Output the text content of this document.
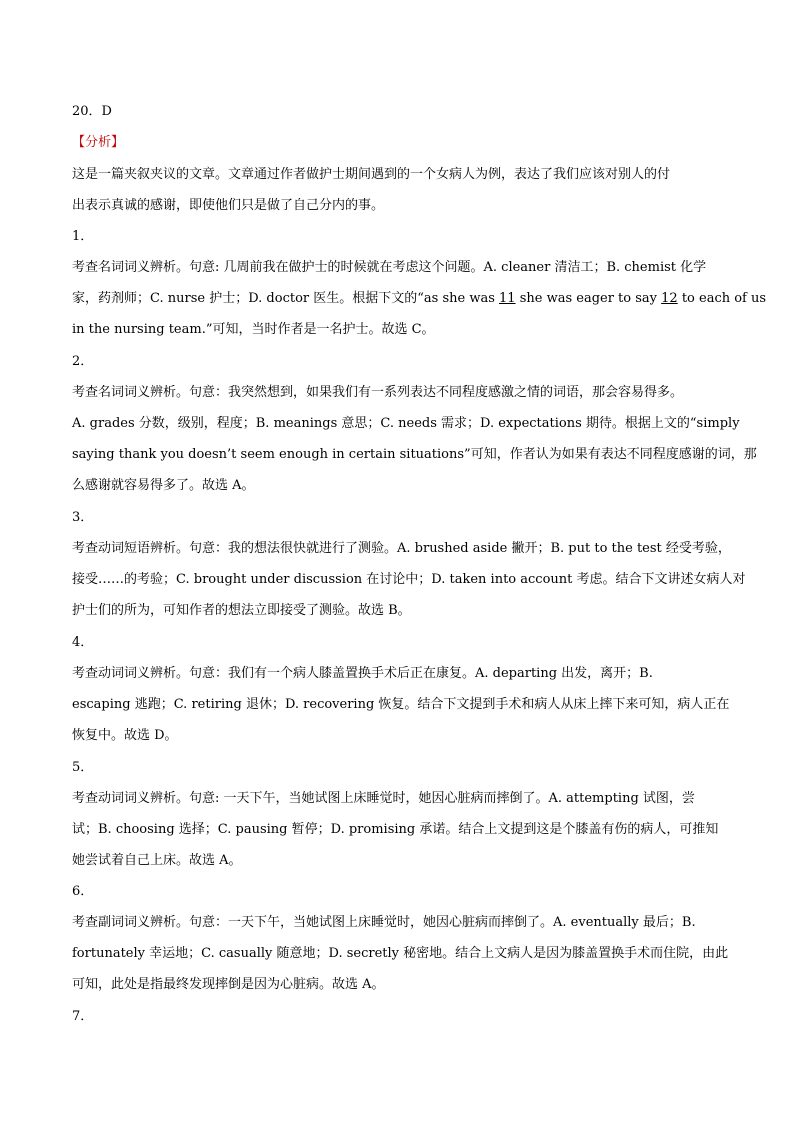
20．D
【分析】
这是一篇夹叙夹议的文章。文章通过作者做护士期间遇到的一个女病人为例，表达了我们应该对别人的付
出表示真诚的感谢，即使他们只是做了自己分内的事。
1．
考查名词词义辨析。句意: 几周前我在做护士的时候就在考虑这个问题。A. cleaner 清洁工；B. chemist 化学
家，药剂师；C. nurse 护士；D. doctor 医生。根据下文的“as she was 11 she was eager to say 12 to each of us
in the nursing team.”可知，当时作者是一名护士。故选 C。
2．
考查名词词义辨析。句意：我突然想到，如果我们有一系列表达不同程度感激之情的词语，那会容易得多。
A. grades 分数，级别，程度；B. meanings 意思；C. needs 需求；D. expectations 期待。根据上文的“simply
saying thank you doesn’t seem enough in certain situations”可知，作者认为如果有表达不同程度感谢的词，那
么感谢就容易得多了。故选 A。
3．
考查动词短语辨析。句意：我的想法很快就进行了测验。A. brushed aside 撇开；B. put to the test 经受考验，
接受……的考验；C. brought under discussion 在讨论中；D. taken into account 考虑。结合下文讲述女病人对
护士们的所为，可知作者的想法立即接受了测验。故选 B。
4．
考查动词词义辨析。句意：我们有一个病人膝盖置换手术后正在康复。A. departing 出发，离开；B.
escaping 逃跑；C. retiring 退休；D. recovering 恢复。结合下文提到手术和病人从床上摔下来可知，病人正在
恢复中。故选 D。
5．
考查动词词义辨析。句意: 一天下午，当她试图上床睡觉时，她因心脏病而摔倒了。A. attempting 试图，尝
试；B. choosing 选择；C. pausing 暂停；D. promising 承诺。结合上文提到这是个膝盖有伤的病人，可推知
她尝试着自己上床。故选 A。
6．
考查副词词义辨析。句意：一天下午，当她试图上床睡觉时，她因心脏病而摔倒了。A. eventually 最后；B.
fortunately 幸运地；C. casually 随意地；D. secretly 秘密地。结合上文病人是因为膝盖置换手术而住院，由此
可知，此处是指最终发现摔倒是因为心脏病。故选 A。
7．
